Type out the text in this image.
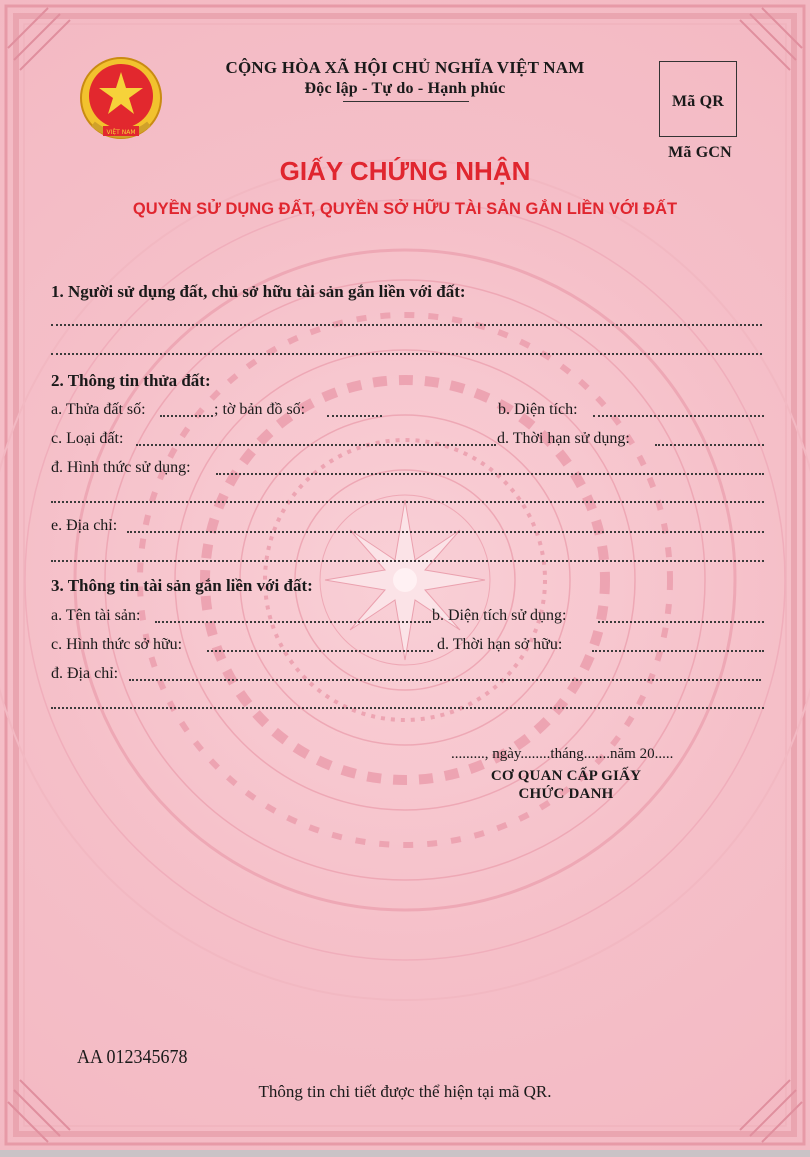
VIỆT NAM
CỘNG HÒA XÃ HỘI CHỦ NGHĨA VIỆT NAM
Độc lập - Tự do - Hạnh phúc
Mã QR
Mã GCN
GIẤY CHỨNG NHẬN
QUYỀN SỬ DỤNG ĐẤT, QUYỀN SỞ HỮU TÀI SẢN GẮN LIỀN VỚI ĐẤT
1. Người sử dụng đất, chủ sở hữu tài sản gắn liền với đất:
2. Thông tin thửa đất:
a. Thửa đất số:	; tờ bản đồ số:	b. Diện tích:
c. Loại đất:	d. Thời hạn sử dụng:
đ. Hình thức sử dụng:
e. Địa chỉ:
3. Thông tin tài sản gắn liền với đất:
a. Tên tài sản:	b. Diện tích sử dụng:
c. Hình thức sở hữu:	d. Thời hạn sở hữu:
đ. Địa chỉ:
........., ngày........tháng.......năm 20.....
CƠ QUAN CẤP GIẤY
CHỨC DANH
AA 012345678
Thông tin chi tiết được thể hiện tại mã QR.
